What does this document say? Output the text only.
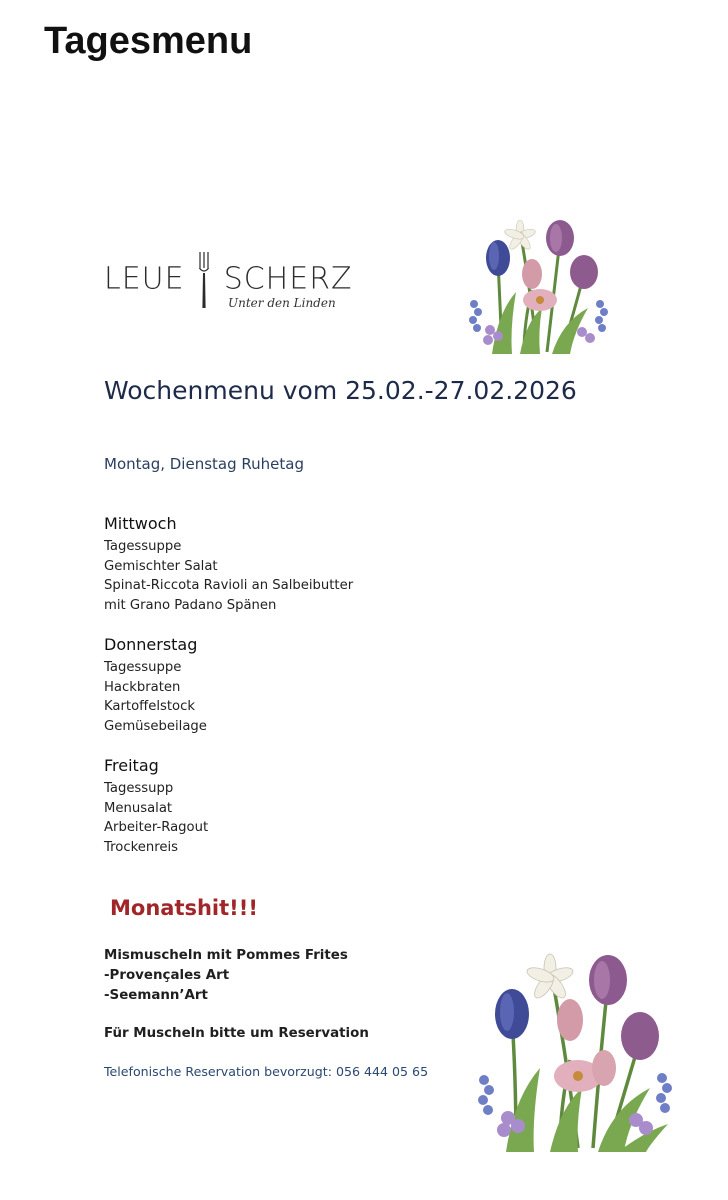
Tagesmenu
LEUE SCHERZ
Unter den Linden
Wochenmenu vom 25.02.-27.02.2026

Montag, Dienstag Ruhetag

Mittwoch
Tagessuppe
Gemischter Salat
Spinat-Riccota Ravioli an Salbeibutter
mit Grano Padano Spänen
Donnerstag
Tagessuppe
Hackbraten
Kartoffelstock
Gemüsebeilage
Freitag
Tagessupp
Menusalat
Arbeiter-Ragout
Trockenreis
Monatshit!!!
Mismuscheln mit Pommes Frites
-Provençales Art
-Seemann’Art

Für Muscheln bitte um Reservation

Telefonische Reservation bevorzugt: 056 444 05 65
